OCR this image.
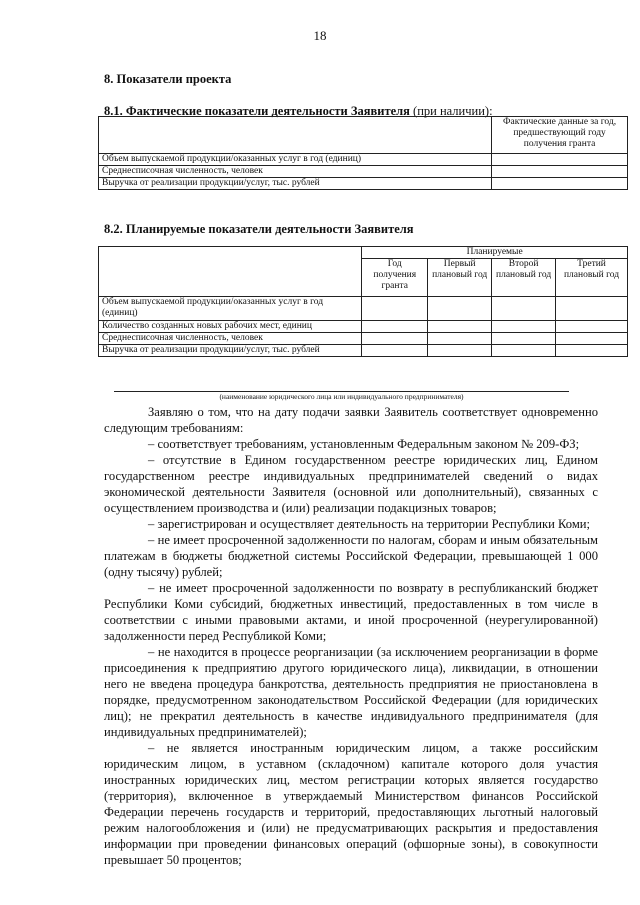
18
8. Показатели проекта
8.1. Фактические показатели деятельности Заявителя (при наличии):
	Фактические данные за год, предшествующий году получения гранта
Объем выпускаемой продукции/оказанных услуг в год (единиц)	
Среднесписочная численность, человек	
Выручка от реализации продукции/услуг, тыс. рублей	
8.2. Планируемые показатели деятельности Заявителя
	Планируемые			
	Год получения гранта	Первый плановый год	Второй плановый год	Третий плановый год
Объем выпускаемой продукции/оказанных услуг в год (единиц)				
Количество созданных новых рабочих мест, единиц				
Среднесписочная численность, человек				
Выручка от реализации продукции/услуг, тыс. рублей				
(наименование юридического лица или индивидуального предпринимателя)

Заявляю о том, что на дату подачи заявки Заявитель соответствует одновременно следующим требованиям:

– соответствует требованиям, установленным Федеральным законом № 209-ФЗ;

– отсутствие в Едином государственном реестре юридических лиц, Едином государственном реестре индивидуальных предпринимателей сведений о видах экономической деятельности Заявителя (основной или дополнительный), связанных с осуществлением производства и (или) реализации подакцизных товаров;

– зарегистрирован и осуществляет деятельность на территории Республики Коми;

– не имеет просроченной задолженности по налогам, сборам и иным обязательным платежам в бюджеты бюджетной системы Российской Федерации, превышающей 1 000 (одну тысячу) рублей;

– не имеет просроченной задолженности по возврату в республиканский бюджет Республики Коми субсидий, бюджетных инвестиций, предоставленных в том числе в соответствии с иными правовыми актами, и иной просроченной (неурегулированной) задолженности перед Республикой Коми;

– не находится в процессе реорганизации (за исключением реорганизации в форме присоединения к предприятию другого юридического лица), ликвидации, в отношении него не введена процедура банкротства, деятельность предприятия не приостановлена в порядке, предусмотренном законодательством Российской Федерации (для юридических лиц); не прекратил деятельность в качестве индивидуального предпринимателя (для индивидуальных предпринимателей);

– не является иностранным юридическим лицом, а также российским юридическим лицом, в уставном (складочном) капитале которого доля участия иностранных юридических лиц, местом регистрации которых является государство (территория), включенное в утверждаемый Министерством финансов Российской Федерации перечень государств и территорий, предоставляющих льготный налоговый режим налогообложения и (или) не предусматривающих раскрытия и предоставления информации при проведении финансовых операций (офшорные зоны), в совокупности превышает 50 процентов;
